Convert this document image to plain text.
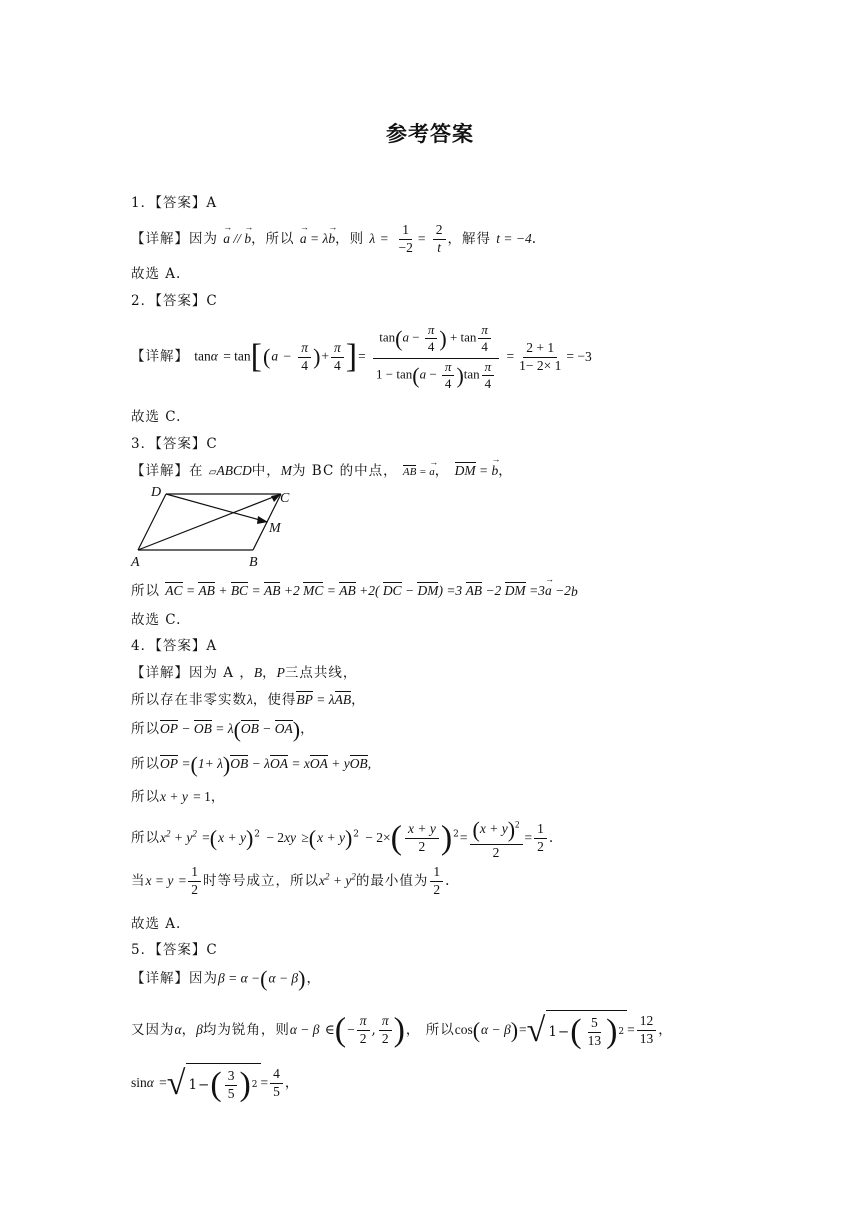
参考答案
1．【答案】A
【详解】因为 → a // → b，所以 → a = λ→ b，则 $\lambda = \frac{1}{-2} = \frac{2}{t}$ ，解得 t = −4.
故选 A.
2．【答案】C
【详解】 $\tan\alpha = \tan[(a - \frac{\pi}{4}$ )+ $\frac{\pi}{4}$ ]= $\frac{\tan(a - \frac{\pi}{4} ) + \tan \frac{\pi}{4}}{1 - \tan(a - \frac{\pi}{4} )\tan \frac{\pi}{4}} = \frac{2 + 1}{1- 2\times 1} = -3$
故选 C.
3．【答案】C
【详解】在 ▱ABCD中，M为 BC 的中点， AB = → a， DM = → b，
D	C
M
A	B
所以 AC = AB + BC = AB +2 MC = AB +2( DC − DM) =3 AB −2 DM =3→ a −2→ b
故选 C.
4．【答案】A
【详解】因为 A ，B，P三点共线，
所以存在非零实数λ，使得BP = λAB，
所以OP − OB = λ(OB − OA)，
所以OP =(1+ λ)OB − λOA = xOA + yOB,
所以x + y = 1，
所以$x^2 + y^2 =(x + y)^2 - 2xy \ge(x + y)^2 - 2\times( \frac{x + y}{2} )^2= \frac{(x + y)^2}{2} = \frac{1}{2}$ .
当$x = y = \frac{1}{2}$ 时等号成立，所以$x^2 + y^2$的最小值为 $\frac{1}{2}$ .
故选 A.
5．【答案】C
【详解】因为β = α −(α − β)，
又因为α，β均为锐角，则α − β ∈(− $\frac{\pi}{2}$ , $\frac{\pi}{2}$ )， 所以cos(α − β)= √ 1− ( $\frac{5}{13}$ ) $2 = \frac{12}{13}$ ，
sinα = √ 1− ( $\frac{3}{5}$ ) $2 = \frac{4}{5}$ ，
